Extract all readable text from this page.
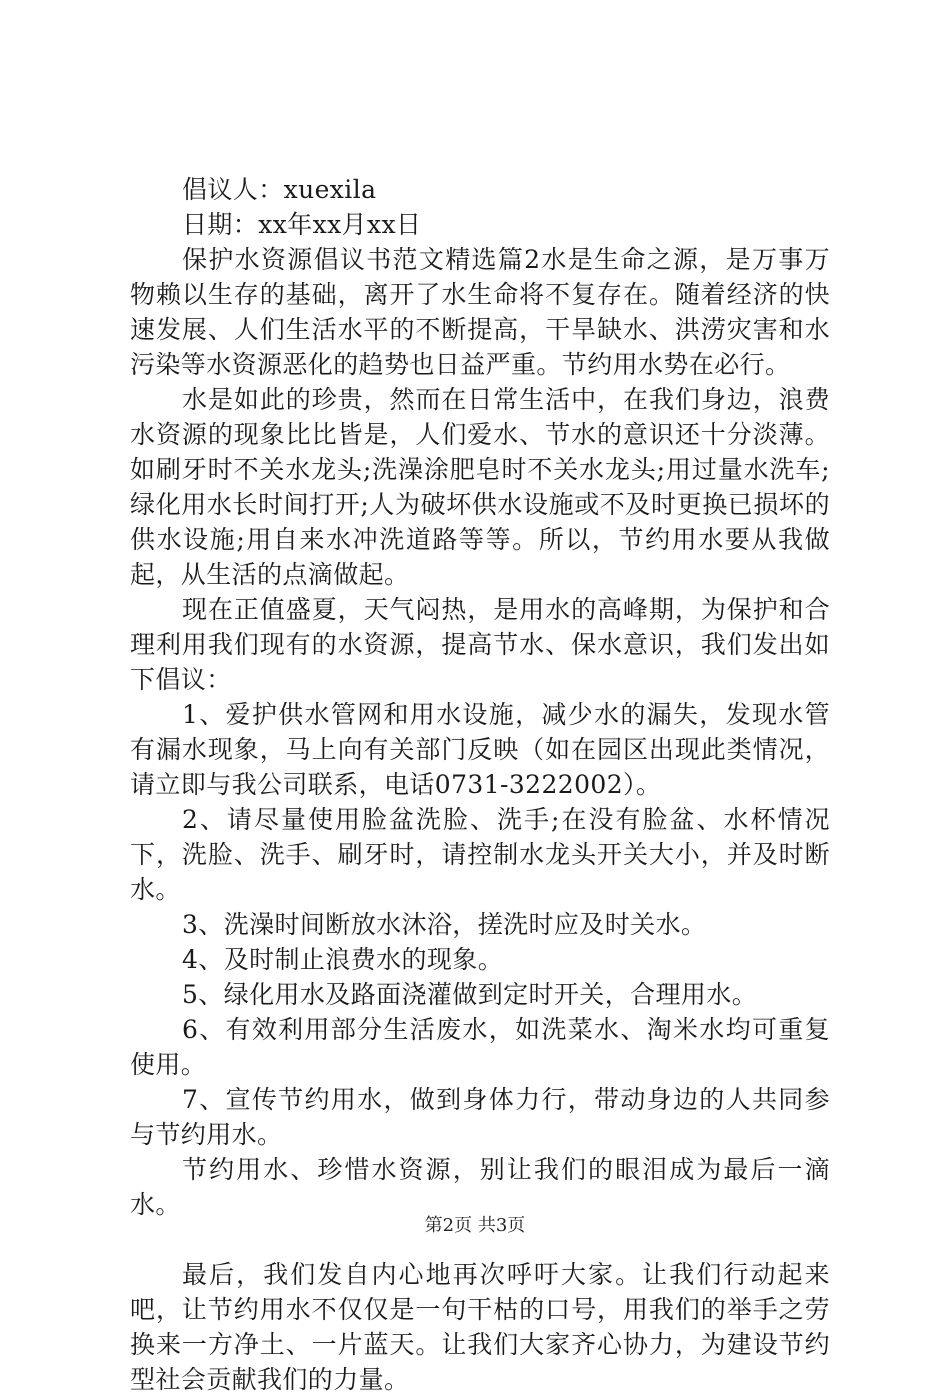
倡议人：xuexila

日期：xx年xx月xx日

保护水资源倡议书范文精选篇2水是生命之源，是万事万物赖以生存的基础，离开了水生命将不复存在。随着经济的快速发展、人们生活水平的不断提高，干旱缺水、洪涝灾害和水污染等水资源恶化的趋势也日益严重。节约用水势在必行。

水是如此的珍贵，然而在日常生活中，在我们身边，浪费水资源的现象比比皆是，人们爱水、节水的意识还十分淡薄。如刷牙时不关水龙头;洗澡涂肥皂时不关水龙头;用过量水洗车;绿化用水长时间打开;人为破坏供水设施或不及时更换已损坏的供水设施;用自来水冲洗道路等等。所以，节约用水要从我做起，从生活的点滴做起。

现在正值盛夏，天气闷热，是用水的高峰期，为保护和合理利用我们现有的水资源，提高节水、保水意识，我们发出如下倡议：

1、爱护供水管网和用水设施，减少水的漏失，发现水管有漏水现象，马上向有关部门反映（如在园区出现此类情况，请立即与我公司联系，电话0731-3222002）。

2、请尽量使用脸盆洗脸、洗手;在没有脸盆、水杯情况下，洗脸、洗手、刷牙时，请控制水龙头开关大小，并及时断水。

3、洗澡时间断放水沐浴，搓洗时应及时关水。

4、及时制止浪费水的现象。

5、绿化用水及路面浇灌做到定时开关，合理用水。

6、有效利用部分生活废水，如洗菜水、淘米水均可重复使用。

7、宣传节约用水，做到身体力行，带动身边的人共同参与节约用水。

节约用水、珍惜水资源，别让我们的眼泪成为最后一滴水。

最后，我们发自内心地再次呼吁大家。让我们行动起来吧，让节约用水不仅仅是一句干枯的口号，用我们的举手之劳换来一方净土、一片蓝天。让我们大家齐心协力，为建设节约型社会贡献我们的力量。

第2页 共3页
